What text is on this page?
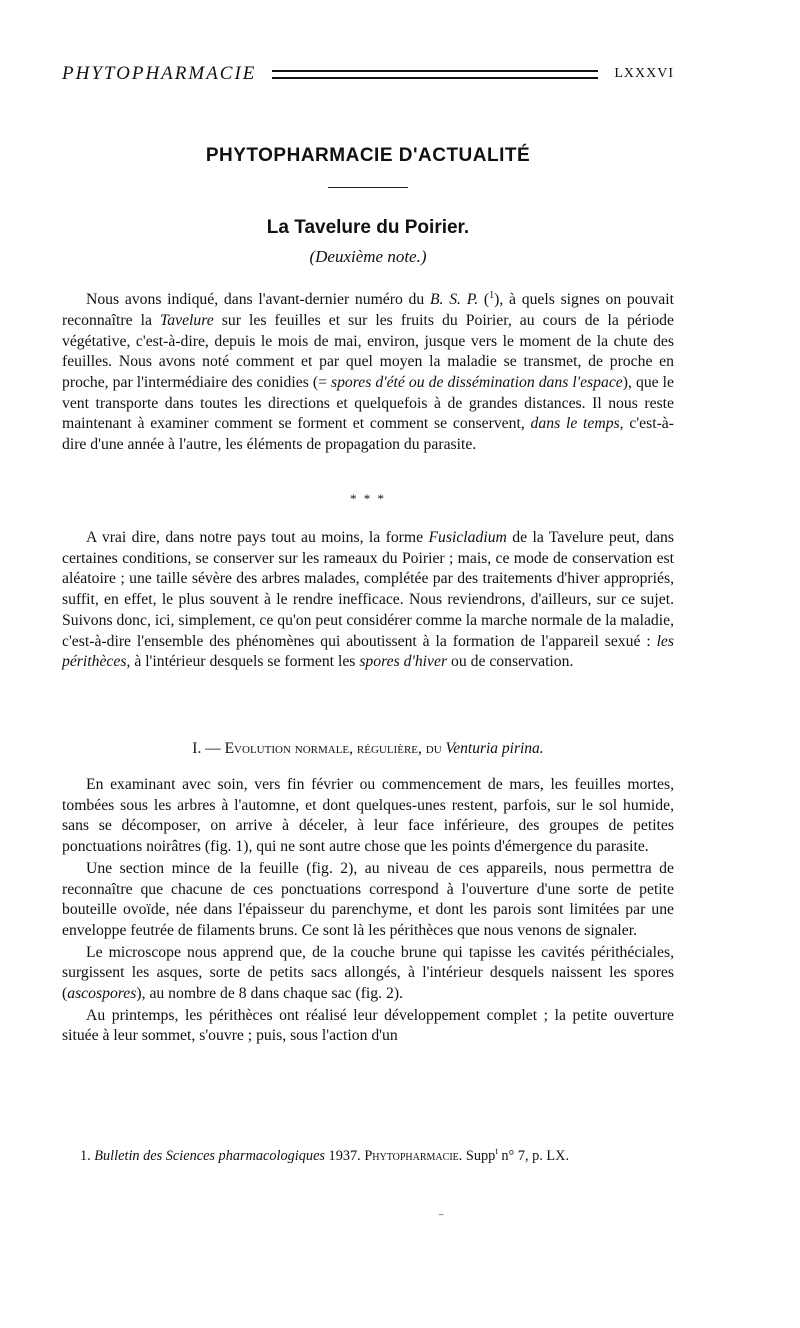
PHYTOPHARMACIE	LXXXVI
PHYTOPHARMACIE D'ACTUALITÉ
La Tavelure du Poirier.
(Deuxième note.)

Nous avons indiqué, dans l'avant-dernier numéro du B. S. P. ($^1$), à quels signes on pouvait reconnaître la Tavelure sur les feuilles et sur les fruits du Poirier, au cours de la période végétative, c'est-à-dire, depuis le mois de mai, environ, jusque vers le moment de la chute des feuilles. Nous avons noté comment et par quel moyen la maladie se transmet, de proche en proche, par l'intermédiaire des conidies (= spores d'été ou de dissémination dans l'espace), que le vent transporte dans toutes les directions et quelquefois à de grandes distances. Il nous reste maintenant à examiner comment se forment et comment se conservent, dans le temps, c'est-à-dire d'une année à l'autre, les éléments de propagation du parasite.

* * *

A vrai dire, dans notre pays tout au moins, la forme Fusicladium de la Tavelure peut, dans certaines conditions, se conserver sur les rameaux du Poirier ; mais, ce mode de conservation est aléatoire ; une taille sévère des arbres malades, complétée par des traitements d'hiver appropriés, suffit, en effet, le plus souvent à le rendre inefficace. Nous reviendrons, d'ailleurs, sur ce sujet. Suivons donc, ici, simplement, ce qu'on peut considérer comme la marche normale de la maladie, c'est-à-dire l'ensemble des phénomènes qui aboutissent à la formation de l'appareil sexué : les périthèces, à l'intérieur desquels se forment les spores d'hiver ou de conservation.

I. — Evolution normale, régulière, du Venturia pirina.

En examinant avec soin, vers fin février ou commencement de mars, les feuilles mortes, tombées sous les arbres à l'automne, et dont quelques-unes restent, parfois, sur le sol humide, sans se décomposer, on arrive à déceler, à leur face inférieure, des groupes de petites ponctuations noirâtres (fig. 1), qui ne sont autre chose que les points d'émergence du parasite.

Une section mince de la feuille (fig. 2), au niveau de ces appareils, nous permettra de reconnaître que chacune de ces ponctuations correspond à l'ouverture d'une sorte de petite bouteille ovoïde, née dans l'épaisseur du parenchyme, et dont les parois sont limitées par une enveloppe feutrée de filaments bruns. Ce sont là les périthèces que nous venons de signaler.

Le microscope nous apprend que, de la couche brune qui tapisse les cavités périthéciales, surgissent les asques, sorte de petits sacs allongés, à l'intérieur desquels naissent les spores (ascospores), au nombre de 8 dans chaque sac (fig. 2).

Au printemps, les périthèces ont réalisé leur développement complet ; la petite ouverture située à leur sommet, s'ouvre ; puis, sous l'action d'un

1. Bulletin des Sciences pharmacologiques 1937. Phytopharmacie. Supp$^t$ n° 7, p. LX.
⁻
